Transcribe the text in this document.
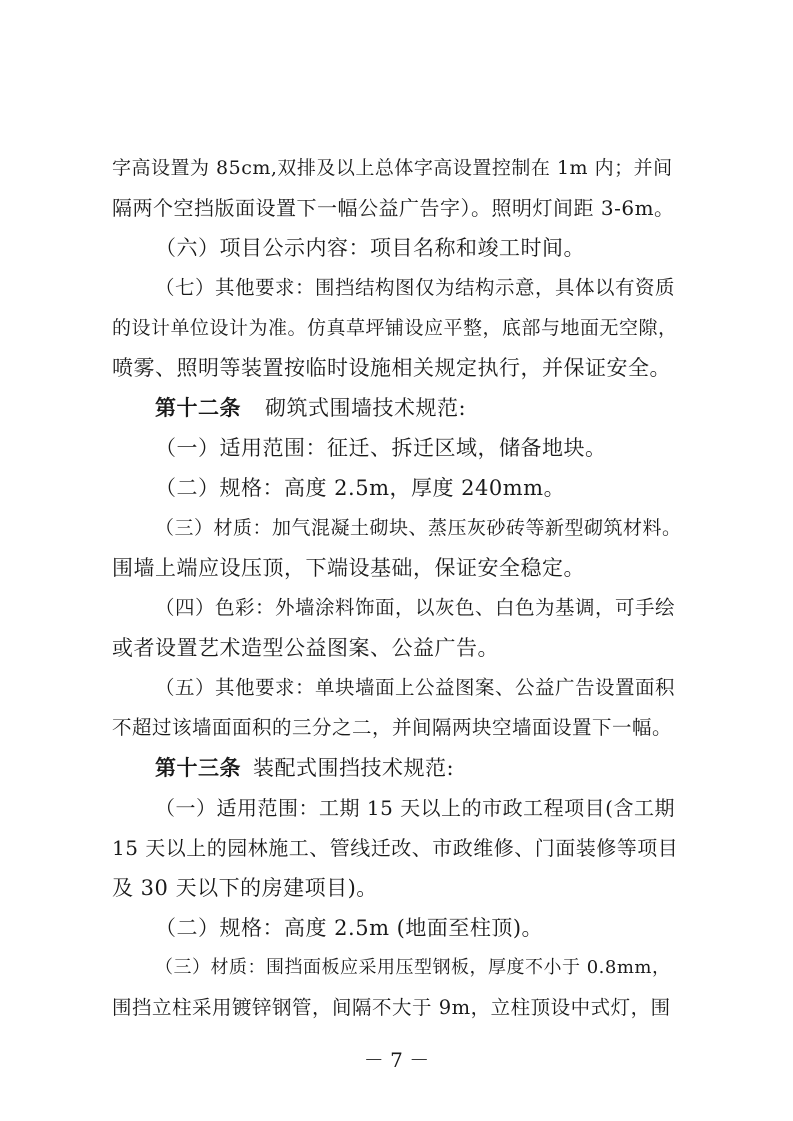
字高设置为 85cm,双排及以上总体字高设置控制在 1m 内；并间
隔两个空挡版面设置下一幅公益广告字）。照明灯间距 3-6m。
（六）项目公示内容：项目名称和竣工时间。
（七）其他要求：围挡结构图仅为结构示意，具体以有资质
的设计单位设计为准。仿真草坪铺设应平整，底部与地面无空隙，
喷雾、照明等装置按临时设施相关规定执行，并保证安全。
第十二条 砌筑式围墙技术规范:
（一）适用范围：征迁、拆迁区域，储备地块。
（二）规格：高度 2.5m，厚度 240mm。
（三）材质：加气混凝土砌块、蒸压灰砂砖等新型砌筑材料。
围墙上端应设压顶，下端设基础，保证安全稳定。
（四）色彩：外墙涂料饰面，以灰色、白色为基调，可手绘
或者设置艺术造型公益图案、公益广告。
（五）其他要求：单块墙面上公益图案、公益广告设置面积
不超过该墙面面积的三分之二，并间隔两块空墙面设置下一幅。
第十三条 装配式围挡技术规范:
（一）适用范围：工期 15 天以上的市政工程项目(含工期
15 天以上的园林施工、管线迁改、市政维修、门面装修等项目
及 30 天以下的房建项目)。
（二）规格：高度 2.5m (地面至柱顶)。
（三）材质：围挡面板应采用压型钢板，厚度不小于 0.8mm，
围挡立柱采用镀锌钢管，间隔不大于 9m，立柱顶设中式灯，围
－ 7 －
